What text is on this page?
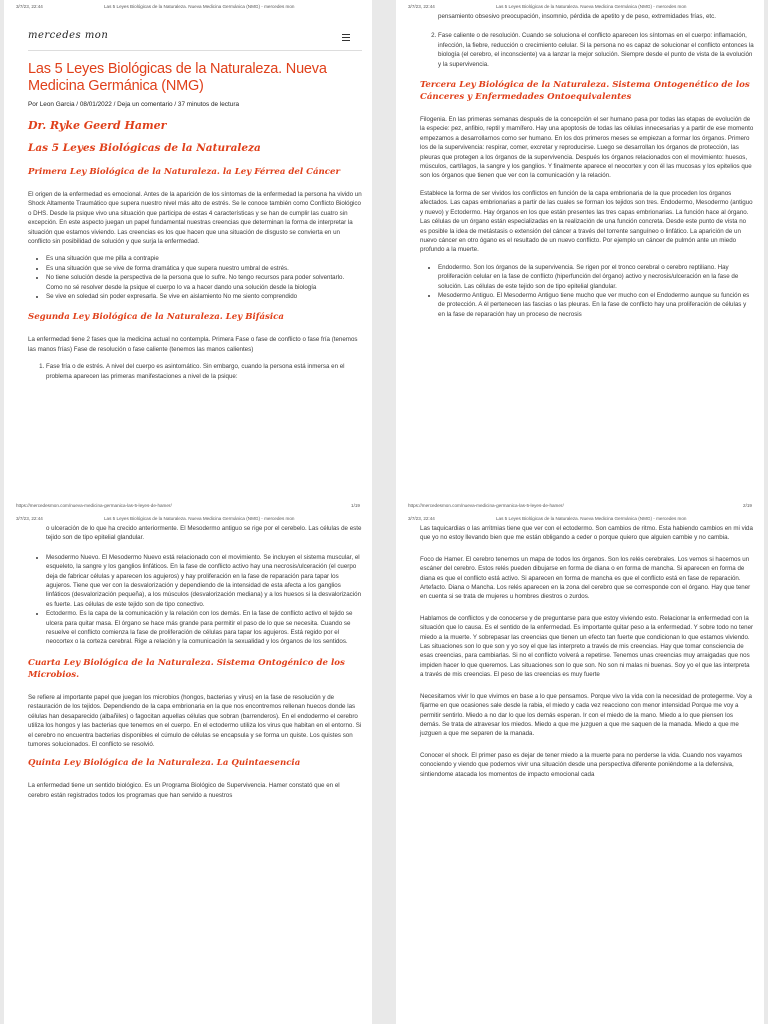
3/7/23, 22:44	Las 5 Leyes Biológicas de la Naturaleza. Nueva Medicina Germánica (NMG) - mercedes mon
mercedes mon
Las 5 Leyes Biológicas de la Naturaleza. Nueva Medicina Germánica (NMG)
Por Leon Garcia / 08/01/2022 / Deja un comentario / 37 minutos de lectura
Dr. Ryke Geerd Hamer
Las 5 Leyes Biológicas de la Naturaleza
Primera Ley Biológica de la Naturaleza. la Ley Férrea del Cáncer

El origen de la enfermedad es emocional. Antes de la aparición de los síntomas de la enfermedad la persona ha vivido un Shock Altamente Traumático que supera nuestro nivel más alto de estrés. Se le conoce también como Conflicto Biológico o DHS. Desde la psique vivo una situación que participa de estas 4 características y se han de cumplir las cuatro sin excepción. En este aspecto juegan un papel fundamental nuestras creencias que determinan la forma de interpretar la situación que estamos viviendo. Las creencias es los que hacen que una situación de disgusto se convierta en un conflicto sin posibilidad de solución y que surja la enfermedad.

• Es una situación que me pilla a contrapie
• Es una situación que se vive de forma dramática y que supera nuestro umbral de estrés.
• No tiene solución desde la perspectiva de la persona que lo sufre. No tengo recursos para poder solventarlo. Como no sé resolver desde la psique el cuerpo lo va a hacer dando una solución desde la biología
• Se vive en soledad sin poder expresarla. Se vive en aislamiento No me siento comprendido
Segunda Ley Biológica de la Naturaleza. Ley Bifásica

La enfermedad tiene 2 fases que la medicina actual no contempla. Primera Fase o fase de conflicto o fase fría (tenemos las manos frías) Fase de resolución o fase caliente (tenemos las manos calientes)

1. Fase fría o de estrés. A nivel del cuerpo es asintomático. Sin embargo, cuando la persona está inmersa en el problema aparecen las primeras manifestaciones a nivel de la psique:
https://mercedesmon.com/nueva-medicina-germanica-las-5-leyes-de-hamer/	1/19
3/7/23, 22:44	Las 5 Leyes Biológicas de la Naturaleza. Nueva Medicina Germánica (NMG) - mercedes mon
pensamiento obsesivo preocupación, insomnio, pérdida de apetito y de peso, extremidades frías, etc.
2. Fase caliente o de resolución. Cuando se soluciona el conflicto aparecen los síntomas en el cuerpo: inflamación, infección, la fiebre, reducción o crecimiento celular. Si la persona no es capaz de solucionar el conflicto entonces la biología (el cerebro, el inconsciente) va a lanzar la mejor solución. Siempre desde el punto de vista de la evolución y la supervivencia.
Tercera Ley Biológica de la Naturaleza. Sistema Ontogenético de los Cánceres y Enfermedades Ontoequivalentes

Filogenia. En las primeras semanas después de la concepción el ser humano pasa por todas las etapas de evolución de la especie: pez, anfibio, reptil y mamífero. Hay una apoptosis de todas las células innecesarias y a partir de ese momento empezamos a desarrollarnos como ser humano. En los dos primeros meses se empiezan a formar los órganos. Primero los de la supervivencia: respirar, comer, excretar y reproducirse. Luego se desarrollan los órganos de protección, las pleuras que protegen a los órganos de la supervivencia. Después los órganos relacionados con el movimiento: huesos, músculos, cartílagos, la sangre y los ganglios. Y finalmente aparece el neocortex y con él las mucosas y los epitelios que son los órganos que tienen que ver con la comunicación y la relación.

Establece la forma de ser vividos los conflictos en función de la capa embrionaria de la que proceden los órganos afectados. Las capas embrionarias a partir de las cuales se forman los tejidos son tres. Endodermo, Mesodermo (antiguo y nuevo) y Ectodermo. Hay órganos en los que están presentes las tres capas embrionarias. La función hace al órgano. Las células de un órgano están especializadas en la realización de una función concreta. Desde este punto de vista no es posible la idea de metástasis o extensión del cáncer a través del torrente sanguíneo o linfático. La aparición de un nuevo cáncer en otro ógano es el resultado de un nuevo conflicto. Por ejemplo un cáncer de pulmón ante un miedo profundo a la muerte.

• Endodermo. Son los órganos de la supervivencia. Se rigen por el tronco cerebral o cerebro reptiliano. Hay proliferación celular en la fase de conflicto (hiperfunción del órgano) activo y necrosis/ulceración en la fase de solución. Las células de este tejido son de tipo epitelial glandular.
• Mesodermo Antiguo. El Mesodermo Antiguo tiene mucho que ver mucho con el Endodermo aunque su función es de protección. A él pertenecen las fascias o las pleuras. En la fase de conflicto hay una proliferación de células y en la fase de reparación hay un proceso de necrosis
https://mercedesmon.com/nueva-medicina-germanica-las-5-leyes-de-hamer/	2/19
3/7/23, 22:44	Las 5 Leyes Biológicas de la Naturaleza. Nueva Medicina Germánica (NMG) - mercedes mon
o ulceración de lo que ha crecido anteriormente. El Mesodermo antiguo se rige por el cerebelo. Las células de este tejido son de tipo epitelial glandular.
• Mesodermo Nuevo. El Mesodermo Nuevo está relacionado con el movimiento. Se incluyen el sistema muscular, el esqueleto, la sangre y los ganglios linfáticos. En la fase de conflicto activo hay una necrosis/ulceración (el cuerpo deja de fabricar células y aparecen los agujeros) y hay proliferación en la fase de reparación para tapar los agujeros. Tiene que ver con la desvalorización y dependiendo de la intensidad de esta afecta a los ganglios linfáticos (desvalorización pequeña), a los músculos (desvalorización mediana) y a los huesos si la desvalorización es fuerte. Las células de este tejido son de tipo conectivo.
• Ectodermo. Es la capa de la comunicación y la relación con los demás. En la fase de conflicto activo el tejido se ulcera para quitar masa. El órgano se hace más grande para permitir el paso de lo que se necesita. Cuando se resuelve el conflicto comienza la fase de proliferación de células para tapar los agujeros. Está regido por el neocortex o la corteza cerebral. Rige a relación y la comunicación la sexualidad y los órganos de los sentidos.
Cuarta Ley Biológica de la Naturaleza. Sistema Ontogénico de los Microbios.

Se refiere al importante papel que juegan los microbios (hongos, bacterias y virus) en la fase de resolución y de restauración de los tejidos. Dependiendo de la capa embrionaria en la que nos encontremos rellenan huecos donde las células han desaparecido (albañiles) o fagocitan aquellas células que sobran (barrenderos). En el endodermo el cerebro utiliza los hongos y las bacterias que tenemos en el cuerpo. En el ectodermo utiliza los virus que habitan en el entorno. Si el cerebro no encuentra bacterias disponibles el cúmulo de células se encapsula y se forma un quiste. Los quistes son tumores solucionados. El conflicto se resolvió.

Quinta Ley Biológica de la Naturaleza. La Quintaesencia

La enfermedad tiene un sentido biológico. Es un Programa Biológico de Supervivencia. Hamer constató que en el cerebro están registrados todos los programas que han servido a nuestros

3/7/23, 22:44	Las 5 Leyes Biológicas de la Naturaleza. Nueva Medicina Germánica (NMG) - mercedes mon

Las taquicardias o las arritmias tiene que ver con el ectodermo. Son cambios de ritmo. Esta habiendo cambios en mi vida que yo no estoy llevando bien que me están obligando a ceder o porque quiero que alguien cambie y no cambia.

Foco de Hamer. El cerebro tenemos un mapa de todos los órganos. Son los relés cerebrales. Los vemos si hacemos un escáner del cerebro. Estos relés pueden dibujarse en forma de diana o en forma de mancha. Si aparecen en forma de diana es que el conflicto está activo. Si aparecen en forma de mancha es que el conflicto está en fase de reparación. Artefacto. Diana o Mancha. Los relés aparecen en la zona del cerebro que se corresponde con el órgano. Hay que tener en cuenta si se trata de mujeres u hombres diestros o zurdos.

Hablamos de conflictos y de conocerse y de preguntarse para que estoy viviendo esto. Relacionar la enfermedad con la situación que lo causa. Es el sentido de la enfermedad. Es importante quitar peso a la enfermedad. Y sobre todo no tener miedo a la muerte. Y sobrepasar las creencias que tienen un efecto tan fuerte que condicionan lo que estamos viviendo. Las situaciones son lo que son y yo soy el que las interpreto a través de mis creencias. Hay que tomar consciencia de esas creencias, para cambiarlas. Si no el conflicto volverá a repetirse. Tenemos unas creencias muy arraigadas que nos impiden hacer lo que queremos. Las situaciones son lo que son. No son ni malas ni buenas. Soy yo el que las interpreta a través de mis creencias. El peso de las creencias es muy fuerte

Necesitamos vivir lo que vivimos en base a lo que pensamos. Porque vivo la vida con la necesidad de protegerme. Voy a fijarme en que ocasiones sale desde la rabia, el miedo y cada vez reacciono con menor intensidad Porque me voy a permitir sentirlo. Miedo a no dar lo que los demás esperan. Ir con el miedo de la mano. Miedo a lo que piensen los demás. Se trata de atravesar los miedos. Miedo a que me juzguen a que me saquen de la manada. Miedo a que me juzguen a que me separen de la manada.

Conocer el shock. El primer paso es dejar de tener miedo a la muerte para no perderse la vida. Cuando nos vayamos conociendo y viendo que podemos vivir una situación desde una perspectiva diferente poniéndome a la defensiva, sintiendome atacada los momentos de impacto emocional cada
